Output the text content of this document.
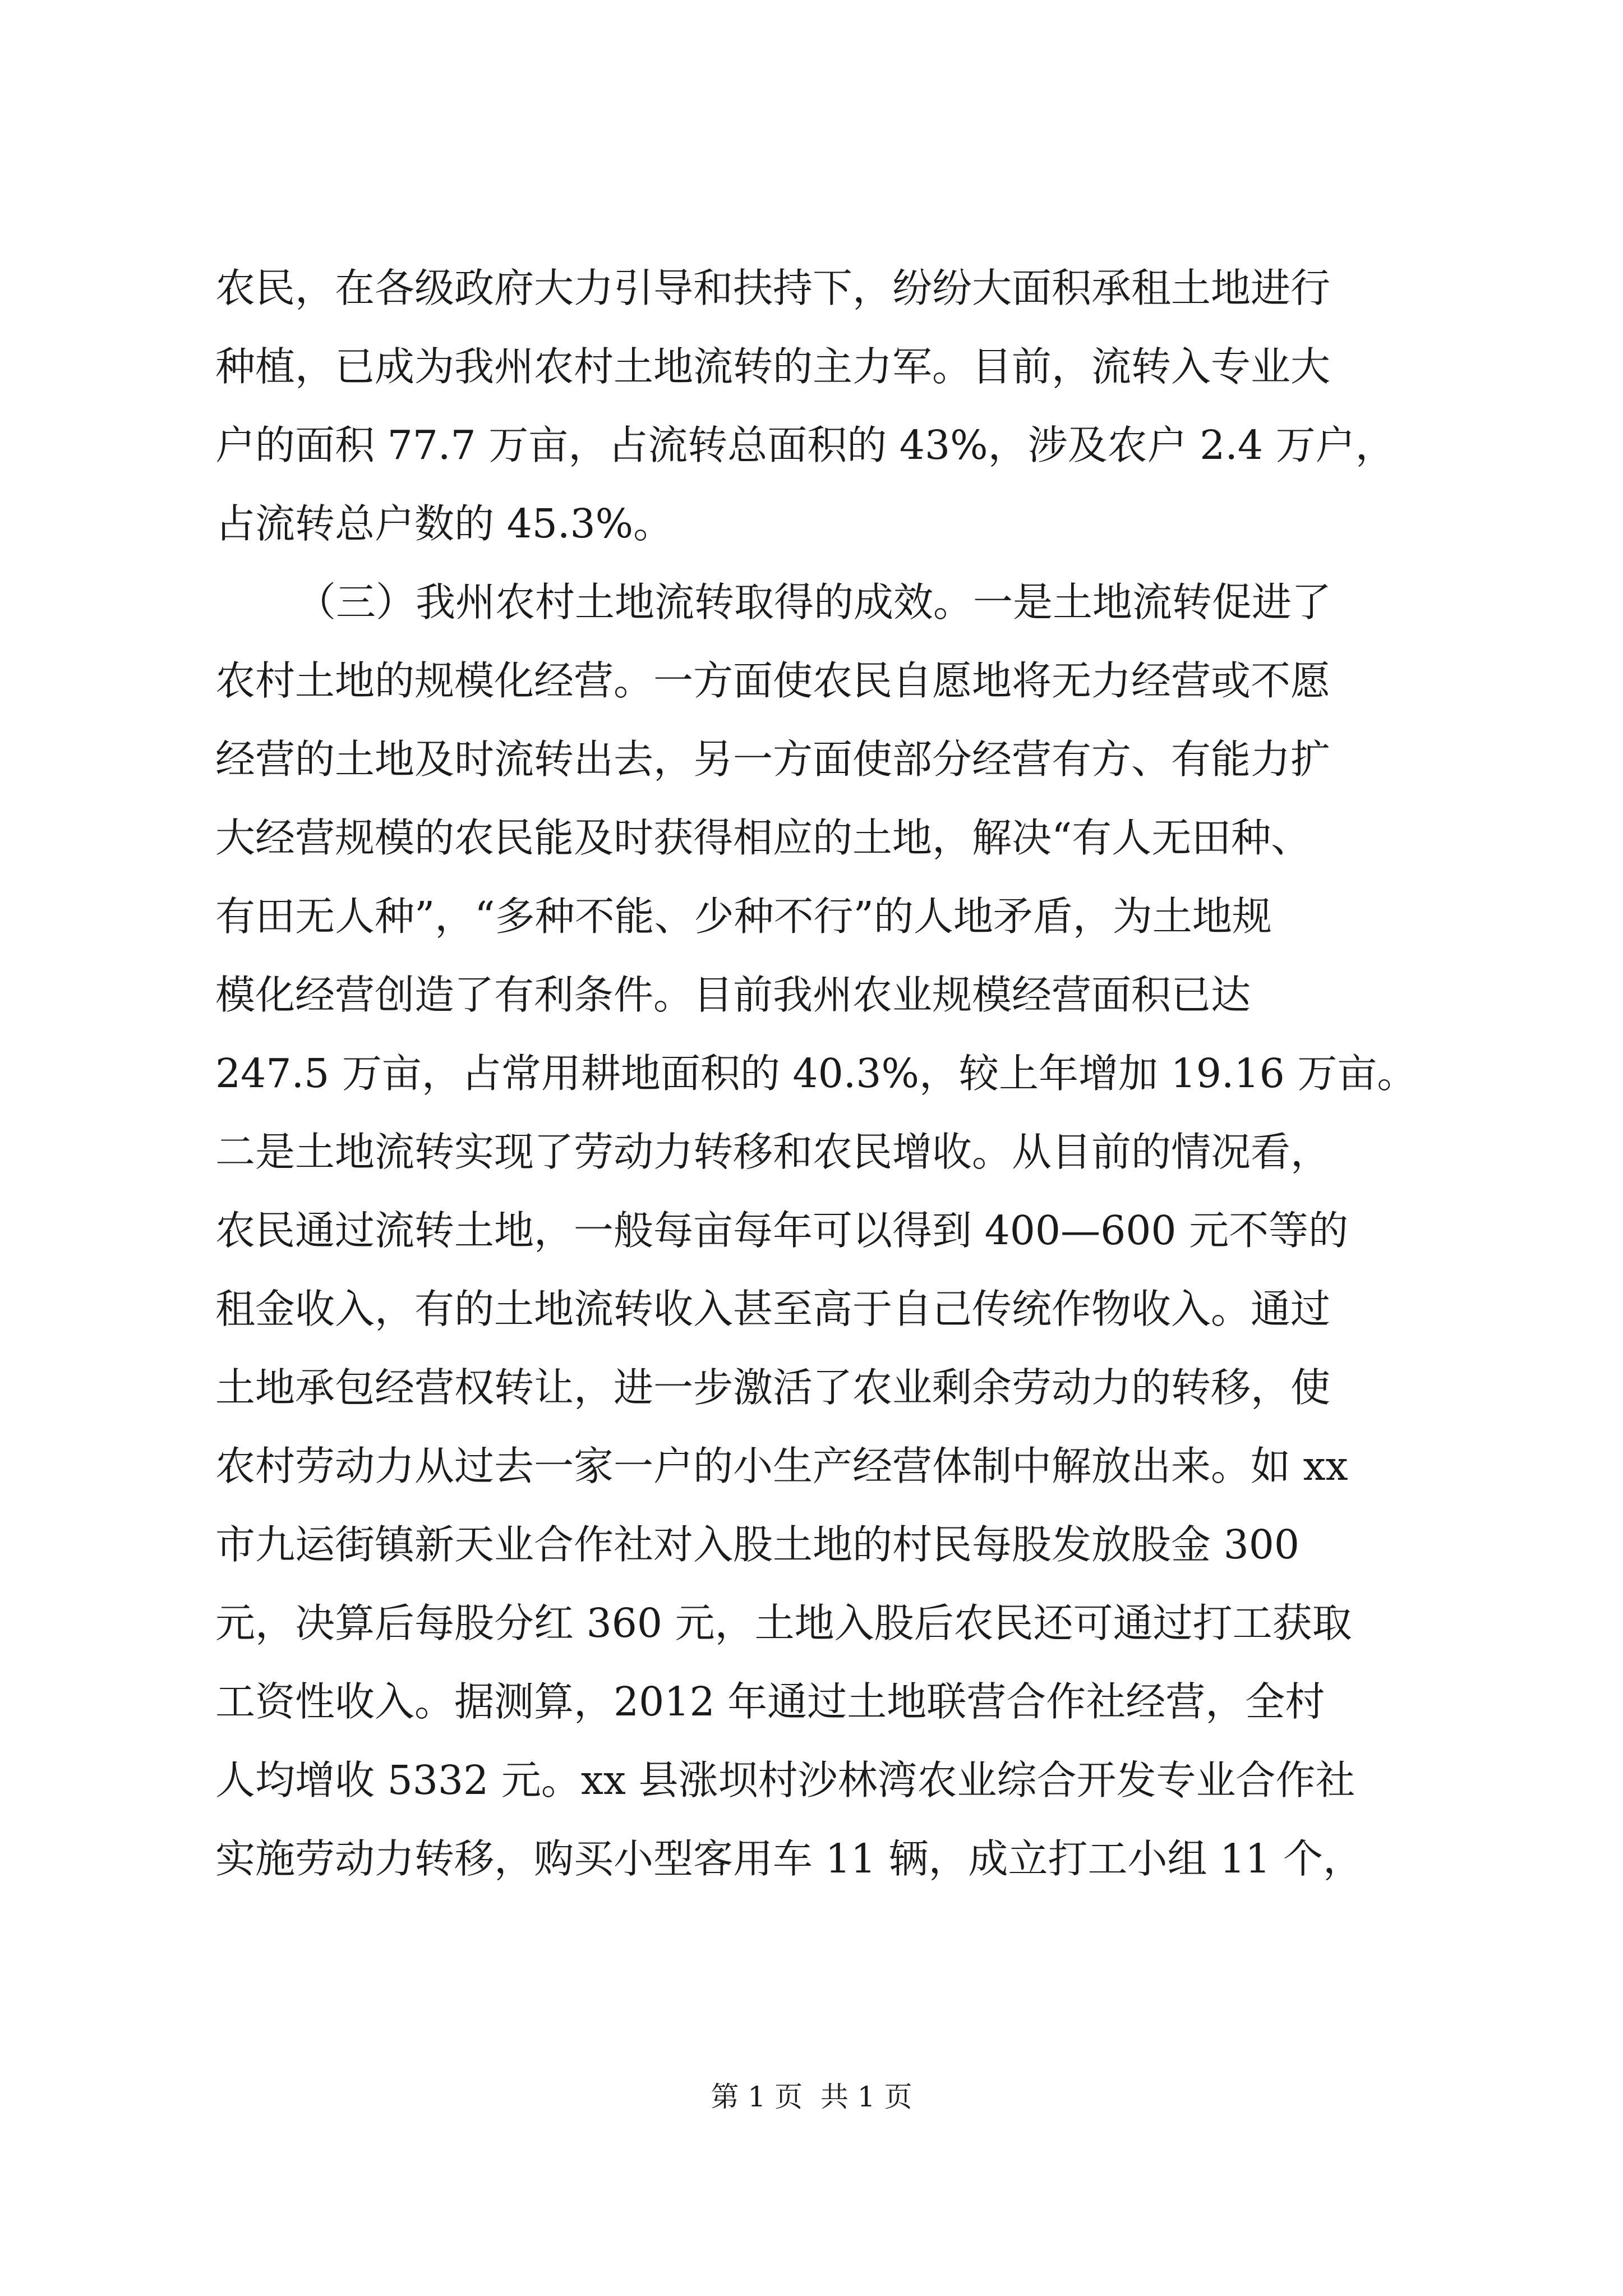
农民，在各级政府大力引导和扶持下，纷纷大面积承租土地进行
种植，已成为我州农村土地流转的主力军。目前，流转入专业大
户的面积 77.7 万亩，占流转总面积的 43%，涉及农户 2.4 万户，
占流转总户数的 45.3%。
（三）我州农村土地流转取得的成效。一是土地流转促进了
农村土地的规模化经营。一方面使农民自愿地将无力经营或不愿
经营的土地及时流转出去，另一方面使部分经营有方、有能力扩
大经营规模的农民能及时获得相应的土地，解决“有人无田种、
有田无人种”，“多种不能、少种不行”的人地矛盾，为土地规
模化经营创造了有利条件。目前我州农业规模经营面积已达
247.5 万亩，占常用耕地面积的 40.3%，较上年增加 19.16 万亩。
二是土地流转实现了劳动力转移和农民增收。从目前的情况看，
农民通过流转土地，一般每亩每年可以得到 400—600 元不等的
租金收入，有的土地流转收入甚至高于自己传统作物收入。通过
土地承包经营权转让，进一步激活了农业剩余劳动力的转移，使
农村劳动力从过去一家一户的小生产经营体制中解放出来。如 xx
市九运街镇新天业合作社对入股土地的村民每股发放股金 300
元，决算后每股分红 360 元，土地入股后农民还可通过打工获取
工资性收入。据测算，2012 年通过土地联营合作社经营，全村
人均增收 5332 元。xx 县涨坝村沙林湾农业综合开发专业合作社
实施劳动力转移，购买小型客用车 11 辆，成立打工小组 11 个，
第 1 页  共 1 页
